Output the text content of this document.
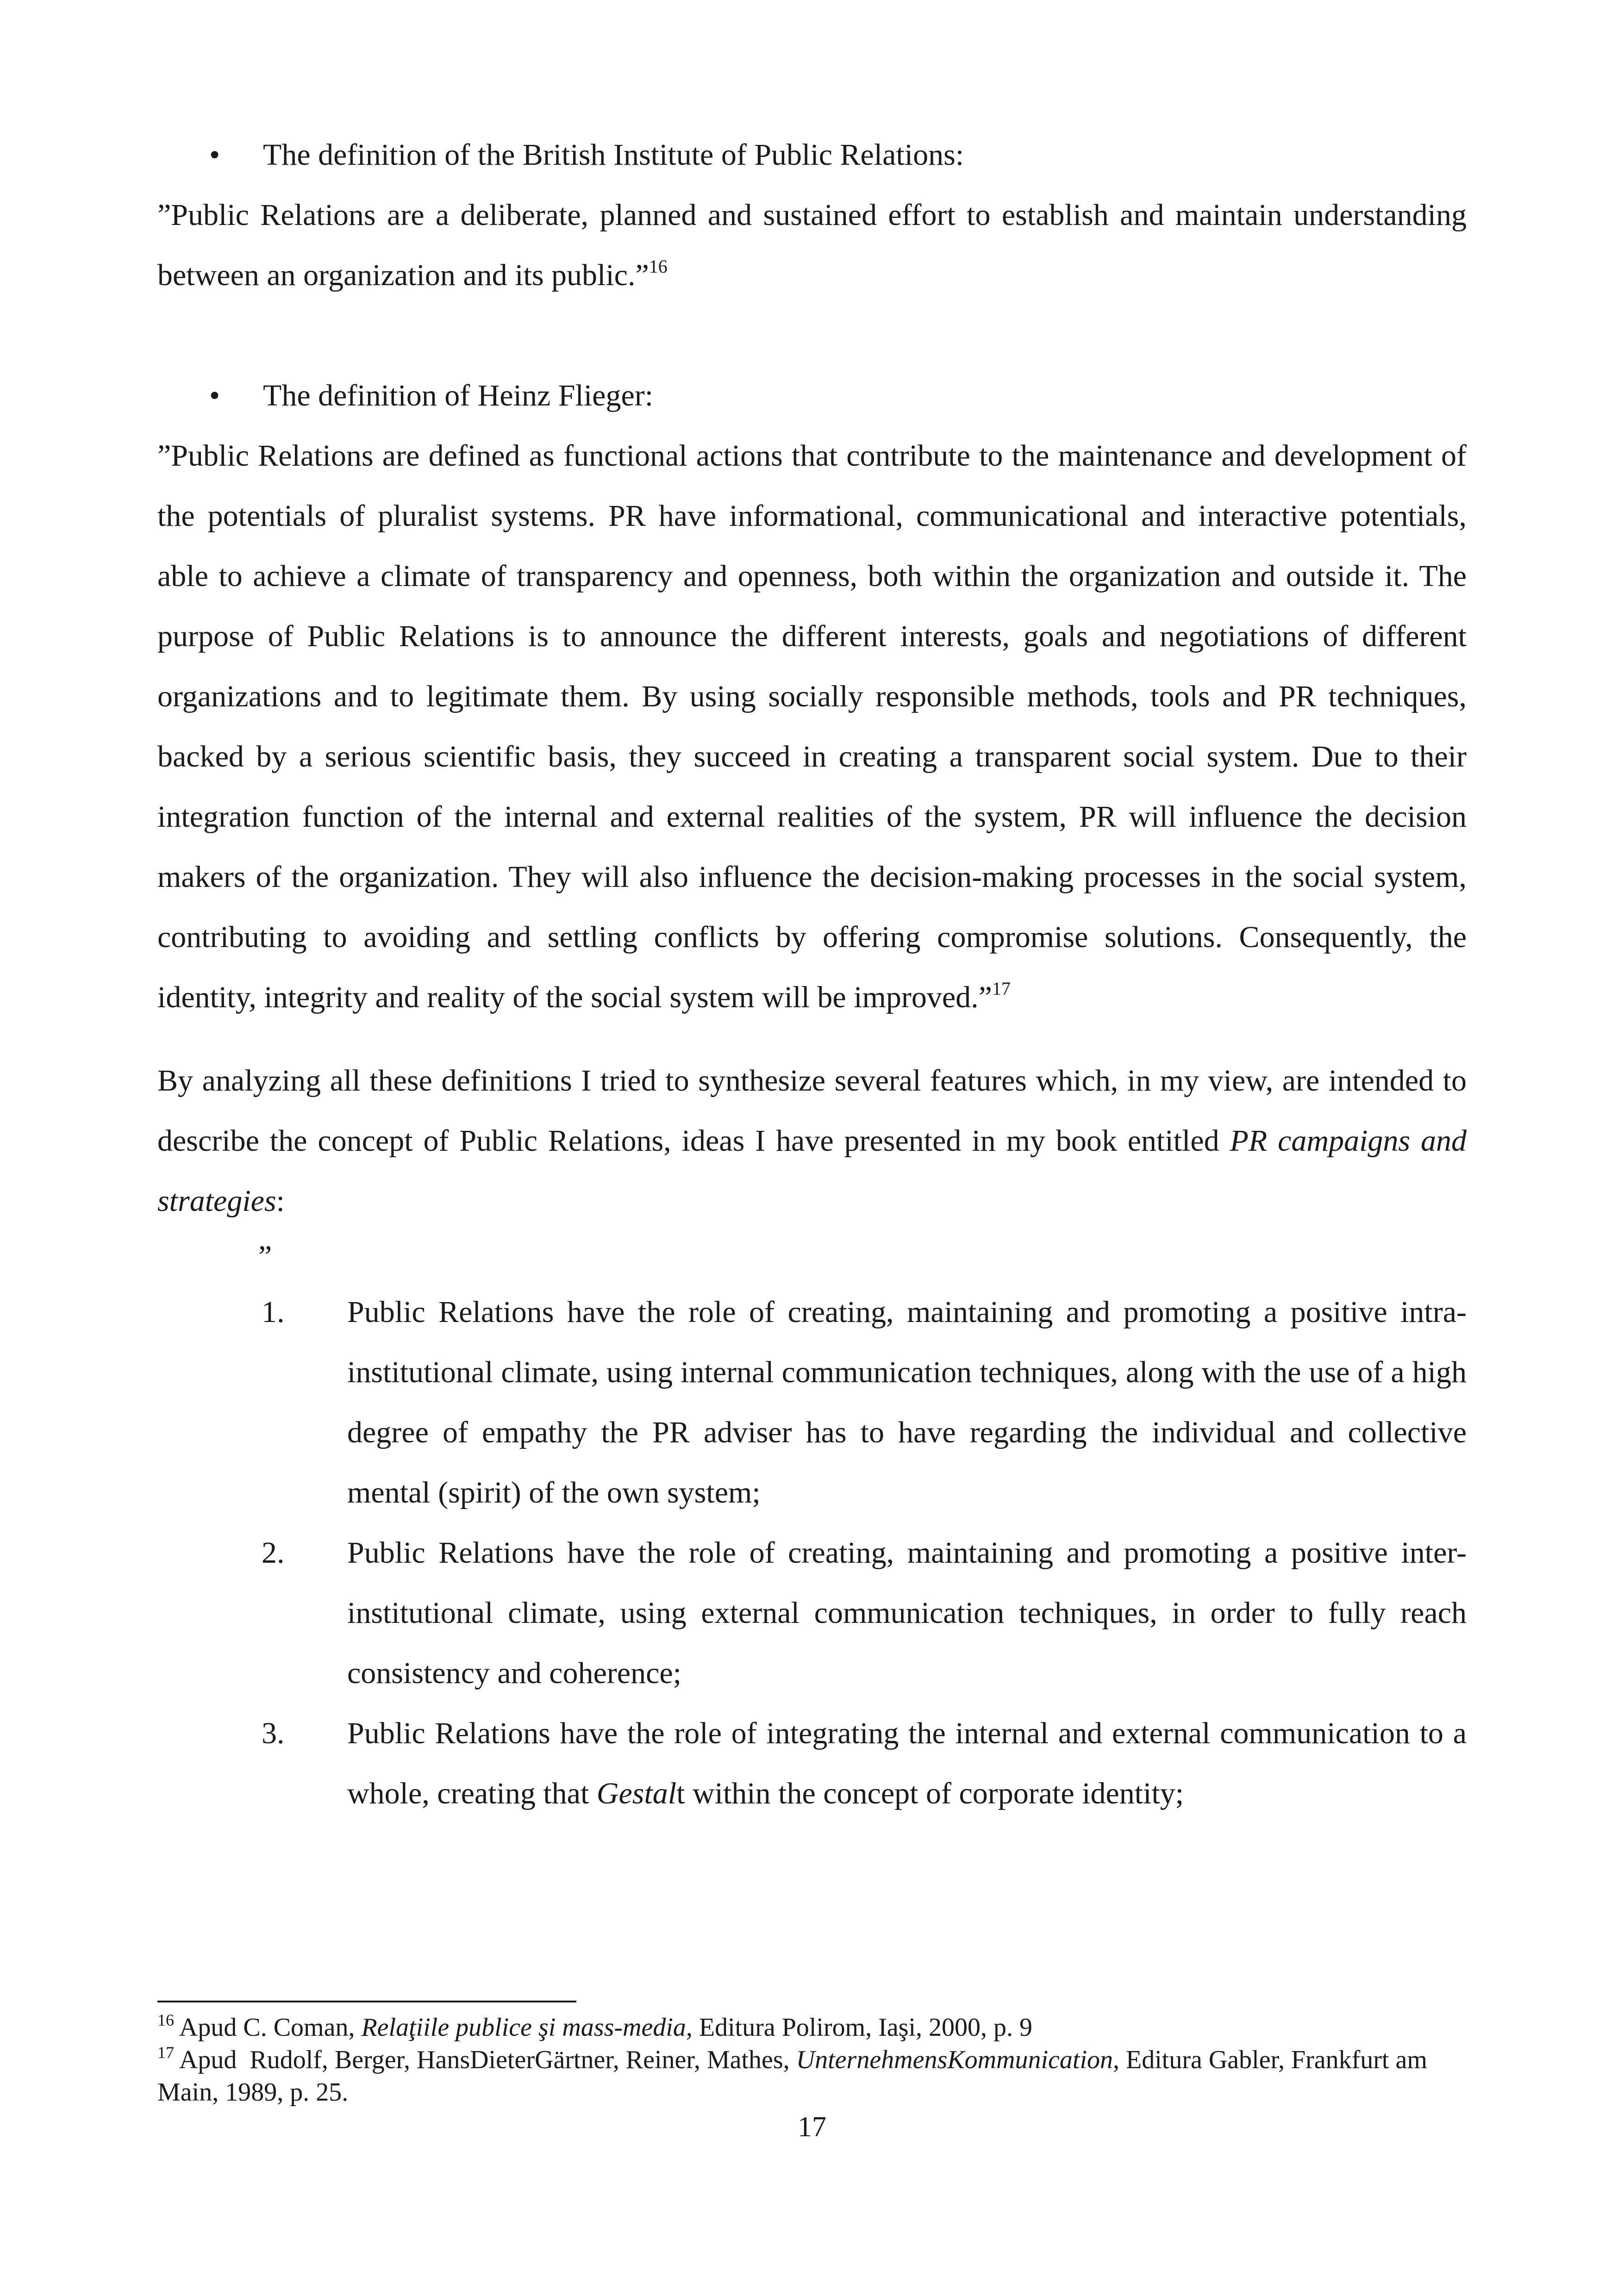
• The definition of the British Institute of Public Relations:

”Public Relations are a deliberate, planned and sustained effort to establish and maintain understanding between an organization and its public.”$^{16}$

• The definition of Heinz Flieger:

”Public Relations are defined as functional actions that contribute to the maintenance and development of the potentials of pluralist systems. PR have informational, communicational and interactive potentials, able to achieve a climate of transparency and openness, both within the organization and outside it. The purpose of Public Relations is to announce the different interests, goals and negotiations of different organizations and to legitimate them. By using socially responsible methods, tools and PR techniques, backed by a serious scientific basis, they succeed in creating a transparent social system. Due to their integration function of the internal and external realities of the system, PR will influence the decision makers of the organization. They will also influence the decision-making processes in the social system, contributing to avoiding and settling conflicts by offering compromise solutions. Consequently, the identity, integrity and reality of the social system will be improved.”$^{17}$

By analyzing all these definitions I tried to synthesize several features which, in my view, are intended to describe the concept of Public Relations, ideas I have presented in my book entitled PR campaigns and strategies:

”
1. Public Relations have the role of creating, maintaining and promoting a positive intra-institutional climate, using internal communication techniques, along with the use of a high degree of empathy the PR adviser has to have regarding the individual and collective mental (spirit) of the own system;
2. Public Relations have the role of creating, maintaining and promoting a positive inter-institutional climate, using external communication techniques, in order to fully reach consistency and coherence;
3. Public Relations have the role of integrating the internal and external communication to a whole, creating that Gestalt within the concept of corporate identity;
$^{16}$ Apud C. Coman, Relaţiile publice şi mass-media, Editura Polirom, Iaşi, 2000, p. 9
$^{17}$ Apud  Rudolf, Berger, HansDieterGärtner, Reiner, Mathes, UnternehmensKommunication, Editura Gabler, Frankfurt am Main, 1989, p. 25.
17
